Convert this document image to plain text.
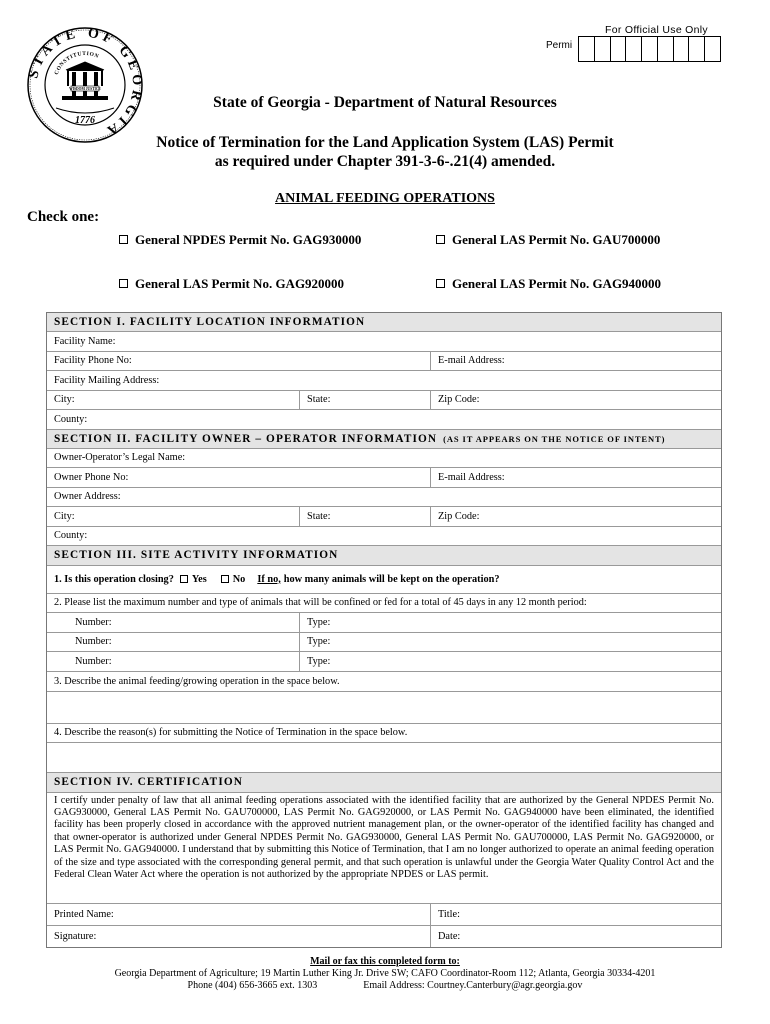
For Official Use Only
Permi
STATE OF GEORGIA
CONSTITUTION
WISDOM JUSTICE
1776
State of Georgia - Department of Natural Resources
Notice of Termination for the Land Application System (LAS) Permit
as required under Chapter 391-3-6-.21(4) amended.
ANIMAL FEEDING OPERATIONS
Check one:
General NPDES Permit No. GAG930000	General LAS Permit No. GAU700000
General LAS Permit No. GAG920000	General LAS Permit No. GAG940000
SECTION I. FACILITY LOCATION INFORMATION
Facility Name:
Facility Phone No:	E-mail Address:
Facility Mailing Address:
City:	State:	Zip Code:
County:
SECTION II. FACILITY OWNER – OPERATOR INFORMATION (AS IT APPEARS ON THE NOTICE OF INTENT)
Owner-Operator’s Legal Name:
Owner Phone No:	E-mail Address:
Owner Address:
City:	State:	Zip Code:
County:
SECTION III. SITE ACTIVITY INFORMATION
1. Is this operation closing? Yes	No If no, how many animals will be kept on the operation?
2. Please list the maximum number and type of animals that will be confined or fed for a total of 45 days in any 12 month period:
Number:	Type:
Number:	Type:
Number:	Type:
3. Describe the animal feeding/growing operation in the space below.
4. Describe the reason(s) for submitting the Notice of Termination in the space below.
SECTION IV. CERTIFICATION
I certify under penalty of law that all animal feeding operations associated with the identified facility that are authorized by the General NPDES Permit No. GAG930000, General LAS Permit No. GAU700000, LAS Permit No. GAG920000, or LAS Permit No. GAG940000 have been eliminated, the identified facility has been properly closed in accordance with the approved nutrient management plan, or the owner-operator of the identified facility has changed and that owner-operator is authorized under General NPDES Permit No. GAG930000, General LAS Permit No. GAU700000, LAS Permit No. GAG920000, or LAS Permit No. GAG940000. I understand that by submitting this Notice of Termination, that I am no longer authorized to operate an animal feeding operation of the size and type associated with the corresponding general permit, and that such operation is unlawful under the Georgia Water Quality Control Act and the Federal Clean Water Act where the operation is not authorized by the appropriate NPDES or LAS permit.
Printed Name:	Title:
Signature:	Date:
Mail or fax this completed form to:
Georgia Department of Agriculture; 19 Martin Luther King Jr. Drive SW; CAFO Coordinator-Room 112; Atlanta, Georgia 30334-4201
Phone (404) 656-3665 ext. 1303	Email Address: Courtney.Canterbury@agr.georgia.gov
